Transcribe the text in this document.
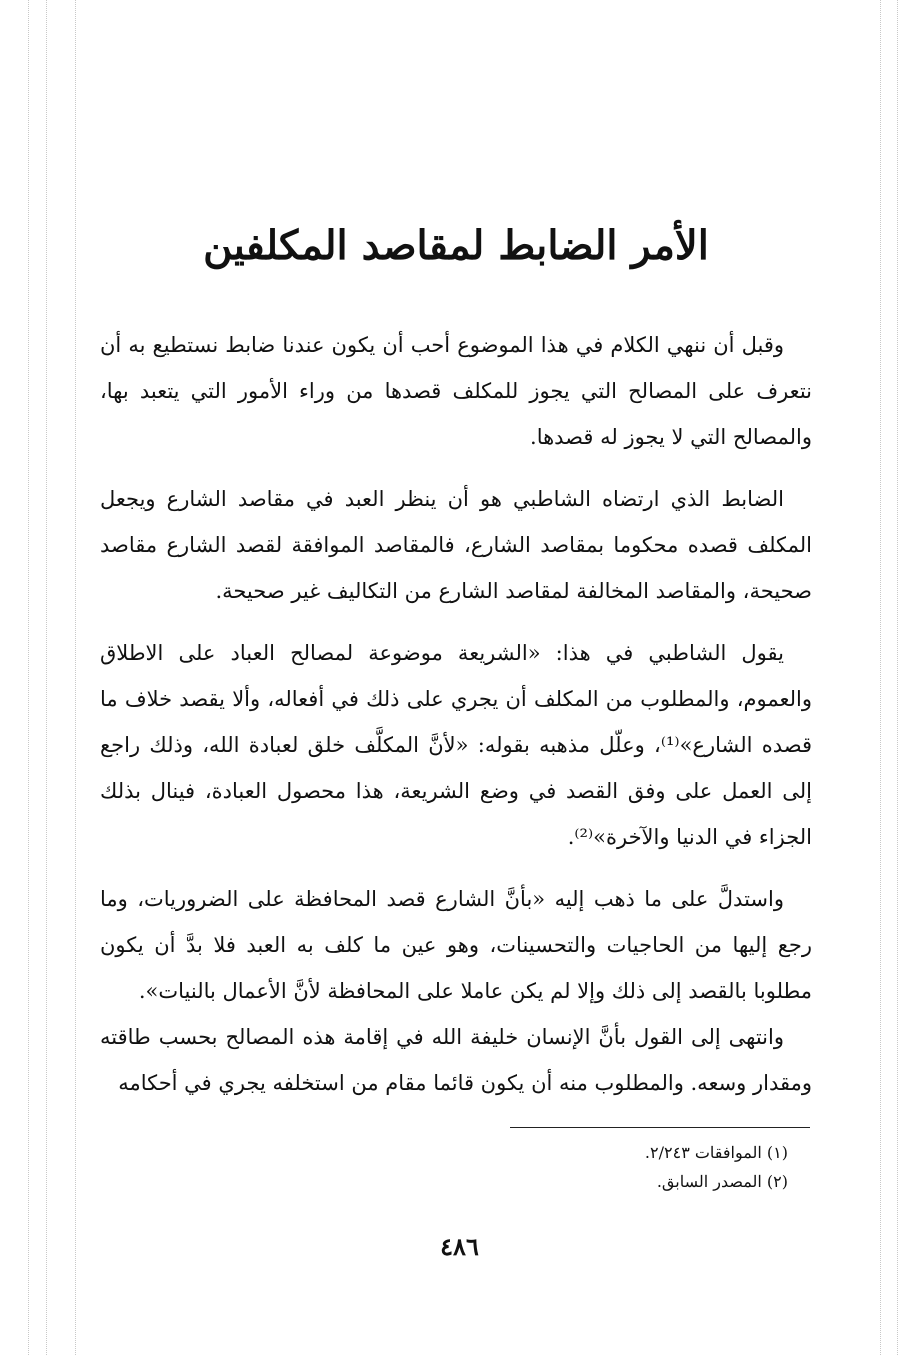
الأمر الضابط لمقاصد المكلفين

وقبل أن ننهي الكلام في هذا الموضوع أحب أن يكون عندنا ضابط نستطيع به أن نتعرف على المصالح التي يجوز للمكلف قصدها من وراء الأمور التي يتعبد بها، والمصالح التي لا يجوز له قصدها.

الضابط الذي ارتضاه الشاطبي هو أن ينظر العبد في مقاصد الشارع ويجعل المكلف قصده محكوما بمقاصد الشارع، فالمقاصد الموافقة لقصد الشارع مقاصد صحيحة، والمقاصد المخالفة لمقاصد الشارع من التكاليف غير صحيحة.

يقول الشاطبي في هذا: «الشريعة موضوعة لمصالح العباد على الاطلاق والعموم، والمطلوب من المكلف أن يجري على ذلك في أفعاله، وألا يقصد خلاف ما قصده الشارع»⁽¹⁾، وعلّل مذهبه بقوله: «لأنَّ المكلَّف خلق لعبادة الله، وذلك راجع إلى العمل على وفق القصد في وضع الشريعة، هذا محصول العبادة، فينال بذلك الجزاء في الدنيا والآخرة»⁽²⁾.

واستدلَّ على ما ذهب إليه «بأنَّ الشارع قصد المحافظة على الضروريات، وما رجع إليها من الحاجيات والتحسينات، وهو عين ما كلف به العبد فلا بدَّ أن يكون مطلوبا بالقصد إلى ذلك وإلا لم يكن عاملا على المحافظة لأنَّ الأعمال بالنيات».

وانتهى إلى القول بأنَّ الإنسان خليفة الله في إقامة هذه المصالح بحسب طاقته ومقدار وسعه. والمطلوب منه أن يكون قائما مقام من استخلفه يجري في أحكامه

(١) الموافقات ٢/٢٤٣.
(٢) المصدر السابق.
٤٨٦
